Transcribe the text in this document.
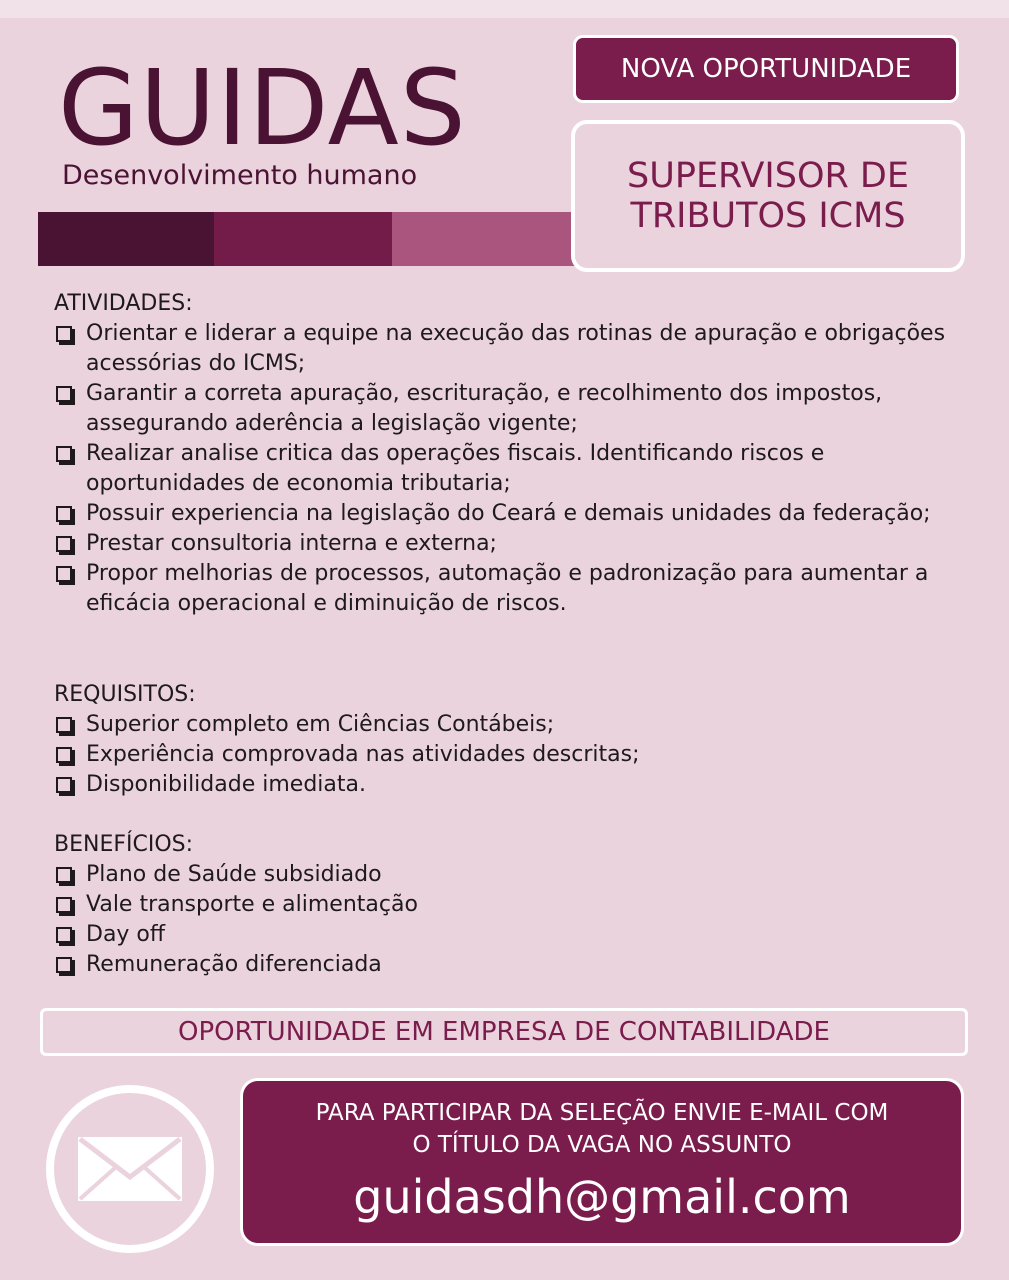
GUIDAS
Desenvolvimento humano
NOVA OPORTUNIDADE
SUPERVISOR DE
TRIBUTOS ICMS
ATIVIDADES:
Orientar e liderar a equipe na execução das rotinas de apuração e obrigações acessórias do ICMS;
Garantir a correta apuração, escrituração, e recolhimento dos impostos, assegurando aderência a legislação vigente;
Realizar analise critica das operações fiscais. Identificando riscos e oportunidades de economia tributaria;
Possuir experiencia na legislação do Ceará e demais unidades da federação;
Prestar consultoria interna e externa;
Propor melhorias de processos, automação e padronização para aumentar a eficácia operacional e diminuição de riscos.
REQUISITOS:
Superior completo em Ciências Contábeis;
Experiência comprovada nas atividades descritas;
Disponibilidade imediata.
BENEFÍCIOS:
Plano de Saúde subsidiado
Vale transporte e alimentação
Day off
Remuneração diferenciada
OPORTUNIDADE EM EMPRESA DE CONTABILIDADE
PARA PARTICIPAR DA SELEÇÃO ENVIE E-MAIL COM
O TÍTULO DA VAGA NO ASSUNTO
guidasdh@gmail.com
